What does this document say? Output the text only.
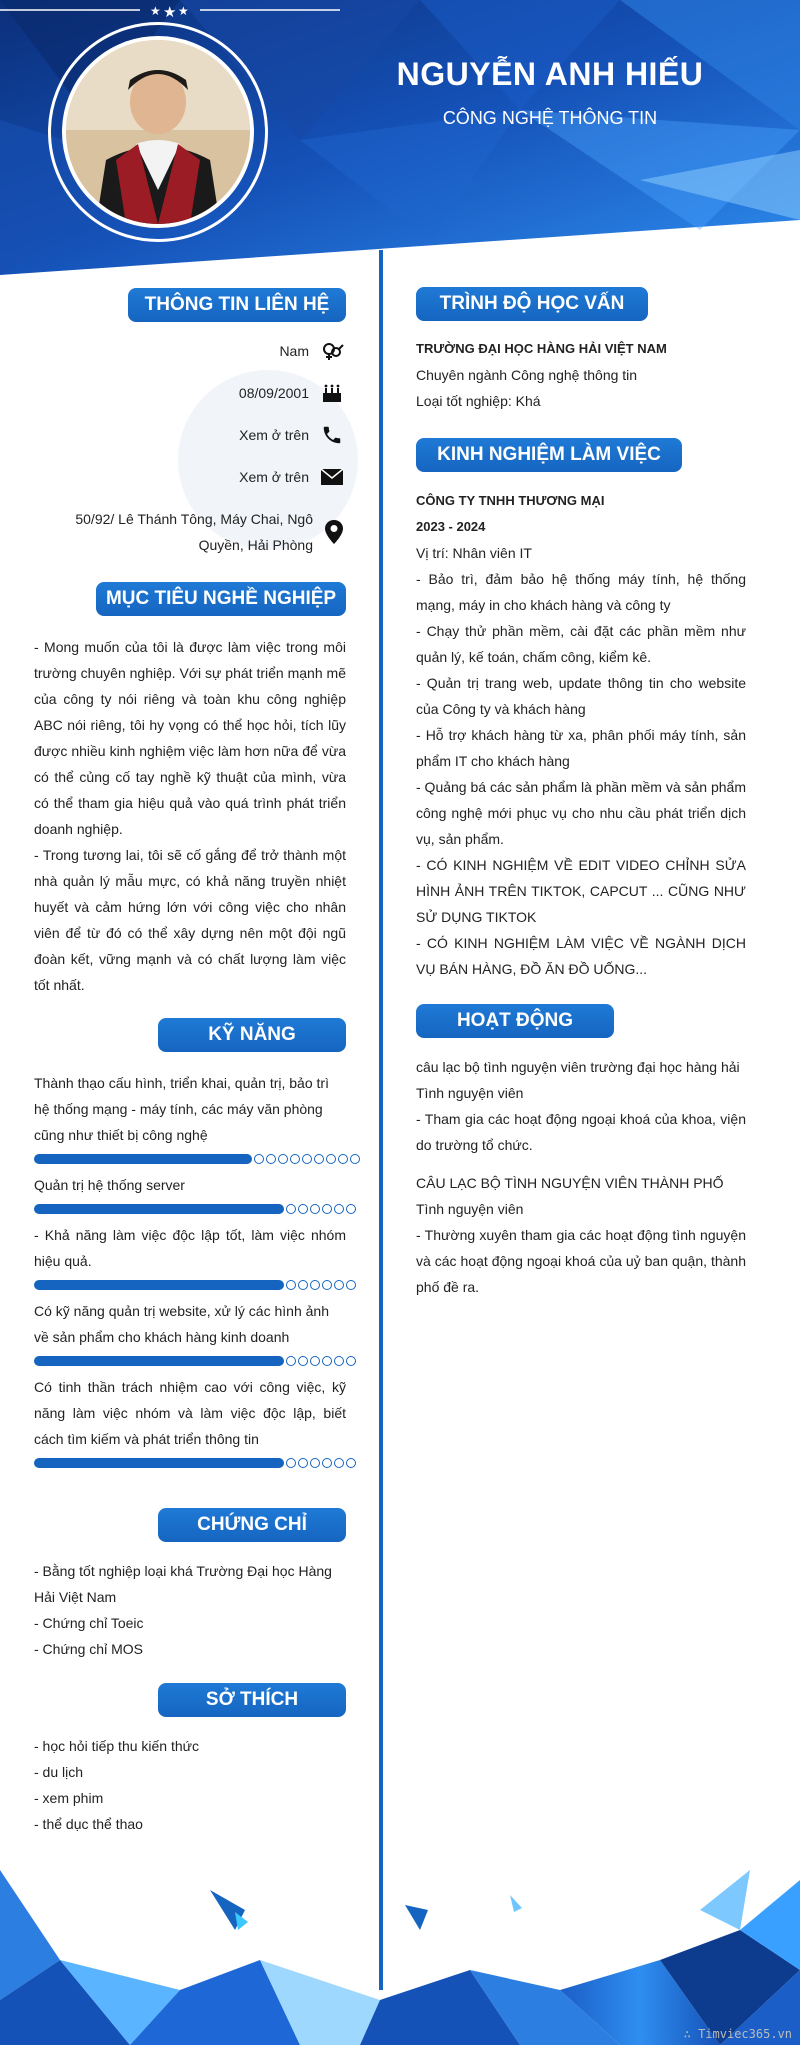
NGUYỄN ANH HIẾU
CÔNG NGHỆ THÔNG TIN
★ ★ ★
THÔNG TIN LIÊN HỆ
Nam
08/09/2001
Xem ở trên
Xem ở trên
50/92/ Lê Thánh Tông, Máy Chai, Ngô Quyền, Hải Phòng
MỤC TIÊU NGHỀ NGHIỆP
- Mong muốn của tôi là được làm việc trong môi trường chuyên nghiệp. Với sự phát triển mạnh mẽ của công ty nói riêng và toàn khu công nghiệp ABC nói riêng, tôi hy vọng có thể học hỏi, tích lũy được nhiều kinh nghiệm việc làm hơn nữa để vừa có thể củng cố tay nghề kỹ thuật của mình, vừa có thể tham gia hiệu quả vào quá trình phát triển doanh nghiệp.
- Trong tương lai, tôi sẽ cố gắng để trở thành một nhà quản lý mẫu mực, có khả năng truyền nhiệt huyết và cảm hứng lớn với công việc cho nhân viên để từ đó có thể xây dựng nên một đội ngũ đoàn kết, vững mạnh và có chất lượng làm việc tốt nhất.
KỸ NĂNG
Thành thạo cấu hình, triển khai, quản trị, bảo trì hệ thống mạng - máy tính, các máy văn phòng cũng như thiết bị công nghệ
Quản trị hệ thống server
- Khả năng làm việc độc lập tốt, làm việc nhóm hiệu quả.
Có kỹ năng quản trị website, xử lý các hình ảnh về sản phẩm cho khách hàng kinh doanh
Có tinh thần trách nhiệm cao với công việc, kỹ năng làm việc nhóm và làm việc độc lập, biết cách tìm kiếm và phát triển thông tin
CHỨNG CHỈ
- Bằng tốt nghiệp loại khá Trường Đại học Hàng Hải Việt Nam
- Chứng chỉ Toeic
- Chứng chỉ MOS
SỞ THÍCH
- học hỏi tiếp thu kiến thức
- du lịch
- xem phim
- thể dục thể thao
TRÌNH ĐỘ HỌC VẤN
TRƯỜNG ĐẠI HỌC HÀNG HẢI VIỆT NAM
Chuyên ngành Công nghệ thông tin
Loại tốt nghiệp: Khá
KINH NGHIỆM LÀM VIỆC
CÔNG TY TNHH THƯƠNG MẠI
2023 - 2024
Vị trí: Nhân viên IT
- Bảo trì, đảm bảo hệ thống máy tính, hệ thống mạng, máy in cho khách hàng và công ty
- Chạy thử phần mềm, cài đặt các phần mềm như quản lý, kế toán, chấm công, kiểm kê.
- Quản trị trang web, update thông tin cho website của Công ty và khách hàng
- Hỗ trợ khách hàng từ xa, phân phối máy tính, sản phẩm IT cho khách hàng
- Quảng bá các sản phẩm là phần mềm và sản phẩm công nghệ mới phục vụ cho nhu cầu phát triển dịch vụ, sản phẩm.
- CÓ KINH NGHIỆM VỀ EDIT VIDEO CHỈNH SỬA HÌNH ẢNH TRÊN TIKTOK, CAPCUT ... CŨNG NHƯ SỬ DỤNG TIKTOK
- CÓ KINH NGHIỆM LÀM VIỆC VỀ NGÀNH DỊCH VỤ BÁN HÀNG, ĐỒ ĂN ĐỒ UỐNG...
HOẠT ĐỘNG
câu lạc bộ tình nguyện viên trường đại học hàng hải
Tình nguyện viên
- Tham gia các hoạt động ngoại khoá của khoa, viện do trường tổ chức.
CÂU LẠC BỘ TÌNH NGUYỆN VIÊN THÀNH PHỐ
Tình nguyện viên
- Thường xuyên tham gia các hoạt động tình nguyện và các hoạt động ngoại khoá của uỷ ban quận, thành phố đề ra.
∴ Timviec365.vn
